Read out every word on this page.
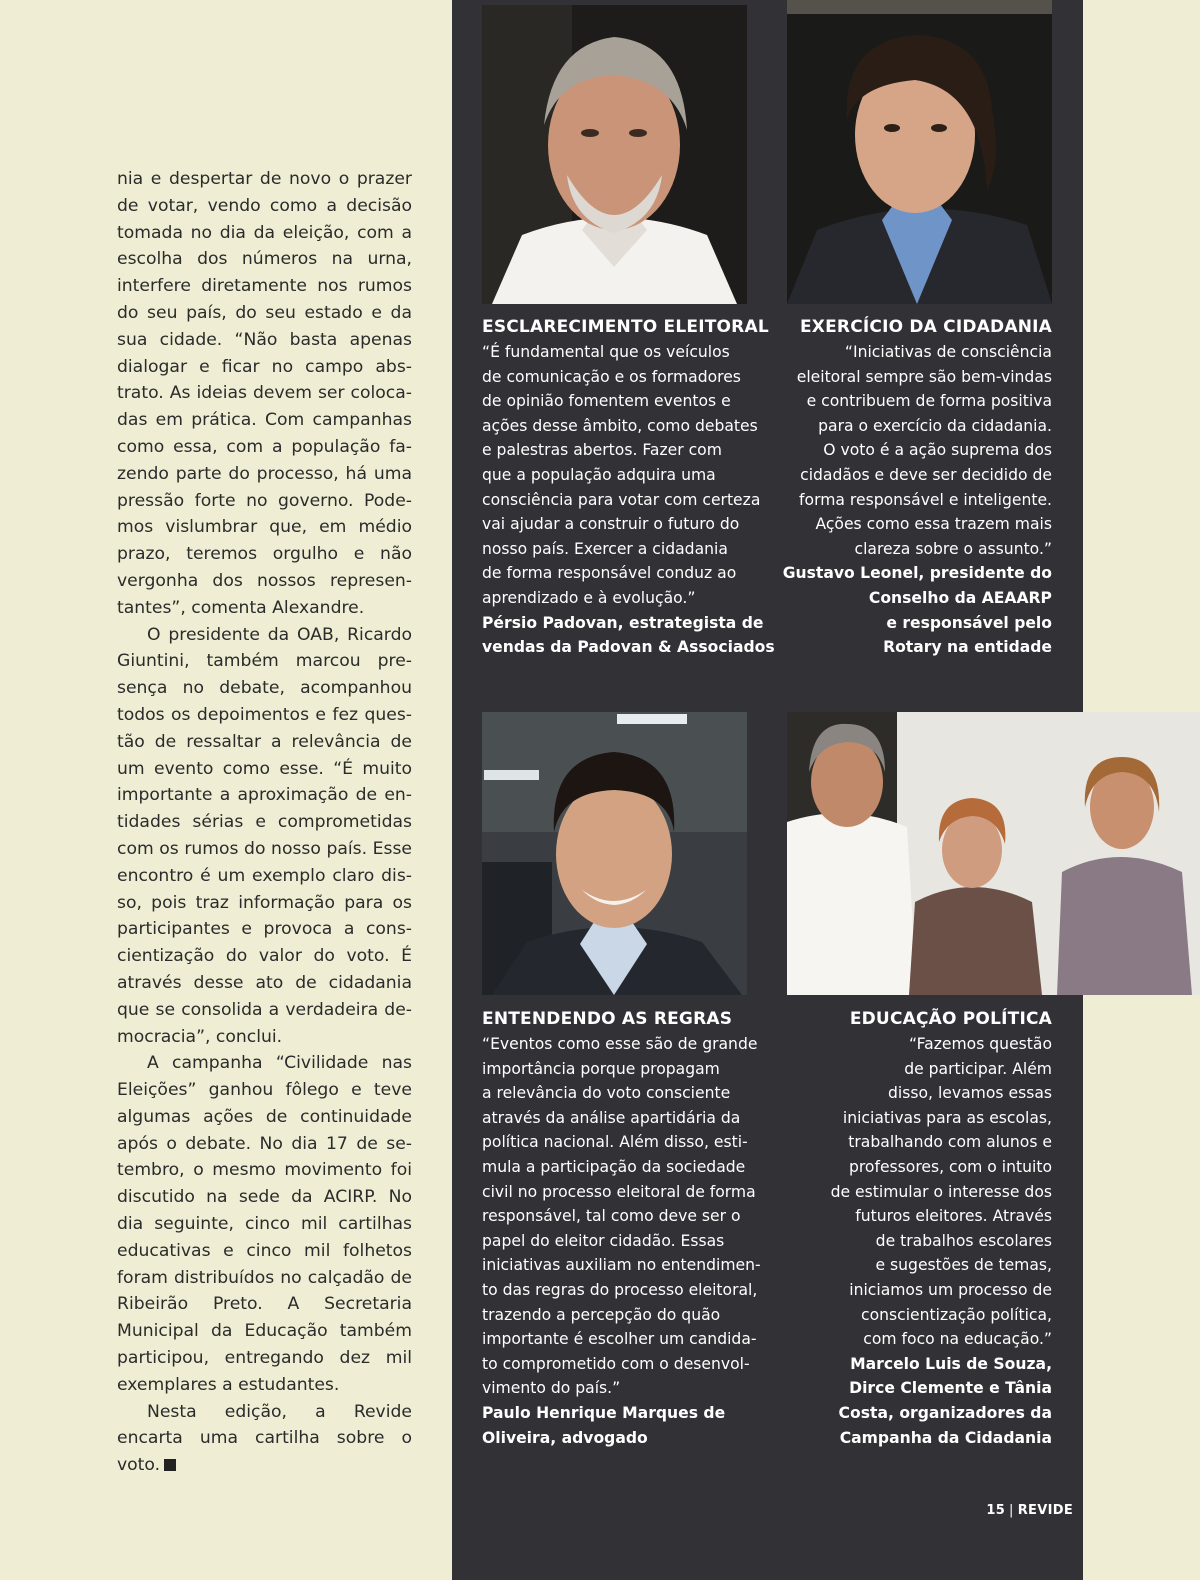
nia e despertar de novo o prazer de votar, vendo como a decisão tomada no dia da eleição, com a escolha dos números na urna, interfere diretamente nos rumos do seu país, do seu estado e da sua cidade. “Não basta apenas dialogar e ficar no campo abstrato. As ideias devem ser colocadas em prática. Com campanhas como essa, com a população fazendo parte do processo, há uma pressão forte no governo. Podemos vislumbrar que, em médio prazo, teremos orgulho e não vergonha dos nossos representantes”, comenta Alexandre.

O presidente da OAB, Ricardo Giuntini, também marcou presença no debate, acompanhou todos os depoimentos e fez questão de ressaltar a relevância de um evento como esse. “É muito importante a aproximação de entidades sérias e comprometidas com os rumos do nosso país. Esse encontro é um exemplo claro disso, pois traz informação para os participantes e provoca a conscientização do valor do voto. É através desse ato de cidadania que se consolida a verdadeira democracia”, conclui.

A campanha “Civilidade nas Eleições” ganhou fôlego e teve algumas ações de continuidade após o debate. No dia 17 de setembro, o mesmo movimento foi discutido na sede da ACIRP. No dia seguinte, cinco mil cartilhas educativas e cinco mil folhetos foram distribuídos no calçadão de Ribeirão Preto. A Secretaria Municipal da Educação também participou, entregando dez mil exemplares a estudantes.

Nesta edição, a Revide encarta uma cartilha sobre o voto.	r

ESCLARECIMENTO ELEITORAL

“É fundamental que os veículos
de comunicação e os formadores
de opinião fomentem eventos e
ações desse âmbito, como debates
e palestras abertos. Fazer com
que a população adquira uma
consciência para votar com certeza
vai ajudar a construir o futuro do
nosso país. Exercer a cidadania
de forma responsável conduz ao
aprendizado e à evolução.”

Pérsio Padovan, estrategista de
vendas da Padovan & Associados

EXERCÍCIO DA CIDADANIA

“Iniciativas de consciência
eleitoral sempre são bem-vindas
e contribuem de forma positiva
para o exercício da cidadania.
O voto é a ação suprema dos
cidadãos e deve ser decidido de
forma responsável e inteligente.
Ações como essa trazem mais
clareza sobre o assunto.”

Gustavo Leonel, presidente do
Conselho da AEAARP
e responsável pelo
Rotary na entidade

ENTENDENDO AS REGRAS

“Eventos como esse são de grande
importância porque propagam
a relevância do voto consciente
através da análise apartidária da
política nacional. Além disso, esti-
mula a participação da sociedade
civil no processo eleitoral de forma
responsável, tal como deve ser o
papel do eleitor cidadão. Essas
iniciativas auxiliam no entendimen-
to das regras do processo eleitoral,
trazendo a percepção do quão
importante é escolher um candida-
to comprometido com o desenvol-
vimento do país.”

Paulo Henrique Marques de
Oliveira, advogado

EDUCAÇÃO POLÍTICA

“Fazemos questão
de participar. Além
disso, levamos essas
iniciativas para as escolas,
trabalhando com alunos e
professores, com o intuito
de estimular o interesse dos
futuros eleitores. Através
de trabalhos escolares
e sugestões de temas,
iniciamos um processo de
conscientização política,
com foco na educação.”

Marcelo Luis de Souza,
Dirce Clemente e Tânia
Costa, organizadores da
Campanha da Cidadania

15 | REVIDE
